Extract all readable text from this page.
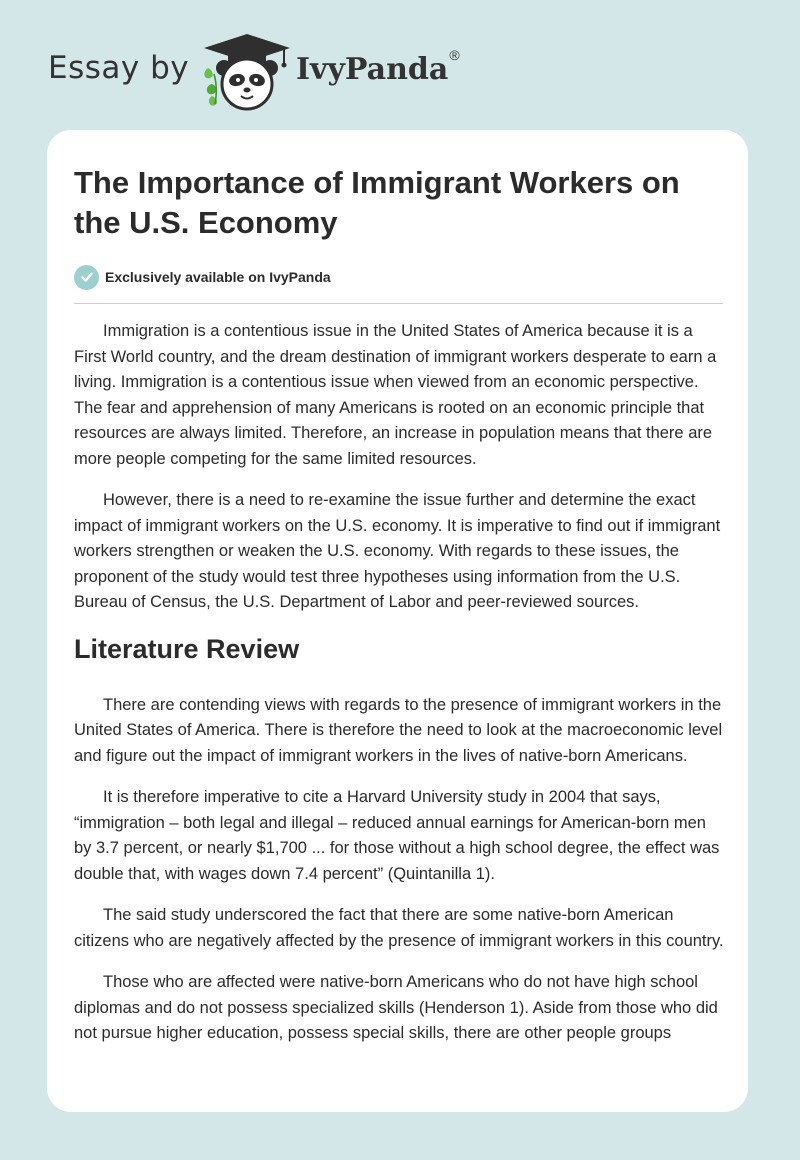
Essay by	IvyPanda®
The Importance of Immigrant Workers on the U.S. Economy
Exclusively available on IvyPanda

Immigration is a contentious issue in the United States of America because it is a First World country, and the dream destination of immigrant workers desperate to earn a living. Immigration is a contentious issue when viewed from an economic perspective. The fear and apprehension of many Americans is rooted on an economic principle that resources are always limited. Therefore, an increase in population means that there are more people competing for the same limited resources.

However, there is a need to re-examine the issue further and determine the exact impact of immigrant workers on the U.S. economy. It is imperative to find out if immigrant workers strengthen or weaken the U.S. economy. With regards to these issues, the proponent of the study would test three hypotheses using information from the U.S. Bureau of Census, the U.S. Department of Labor and peer-reviewed sources.

Literature Review

There are contending views with regards to the presence of immigrant workers in the United States of America. There is therefore the need to look at the macroeconomic level and figure out the impact of immigrant workers in the lives of native-born Americans.

It is therefore imperative to cite a Harvard University study in 2004 that says, “immigration – both legal and illegal – reduced annual earnings for American-born men by 3.7 percent, or nearly $1,700 ... for those without a high school degree, the effect was double that, with wages down 7.4 percent” (Quintanilla 1).

The said study underscored the fact that there are some native-born American citizens who are negatively affected by the presence of immigrant workers in this country.

Those who are affected were native-born Americans who do not have high school diplomas and do not possess specialized skills (Henderson 1). Aside from those who did not pursue higher education, possess special skills, there are other people groups
